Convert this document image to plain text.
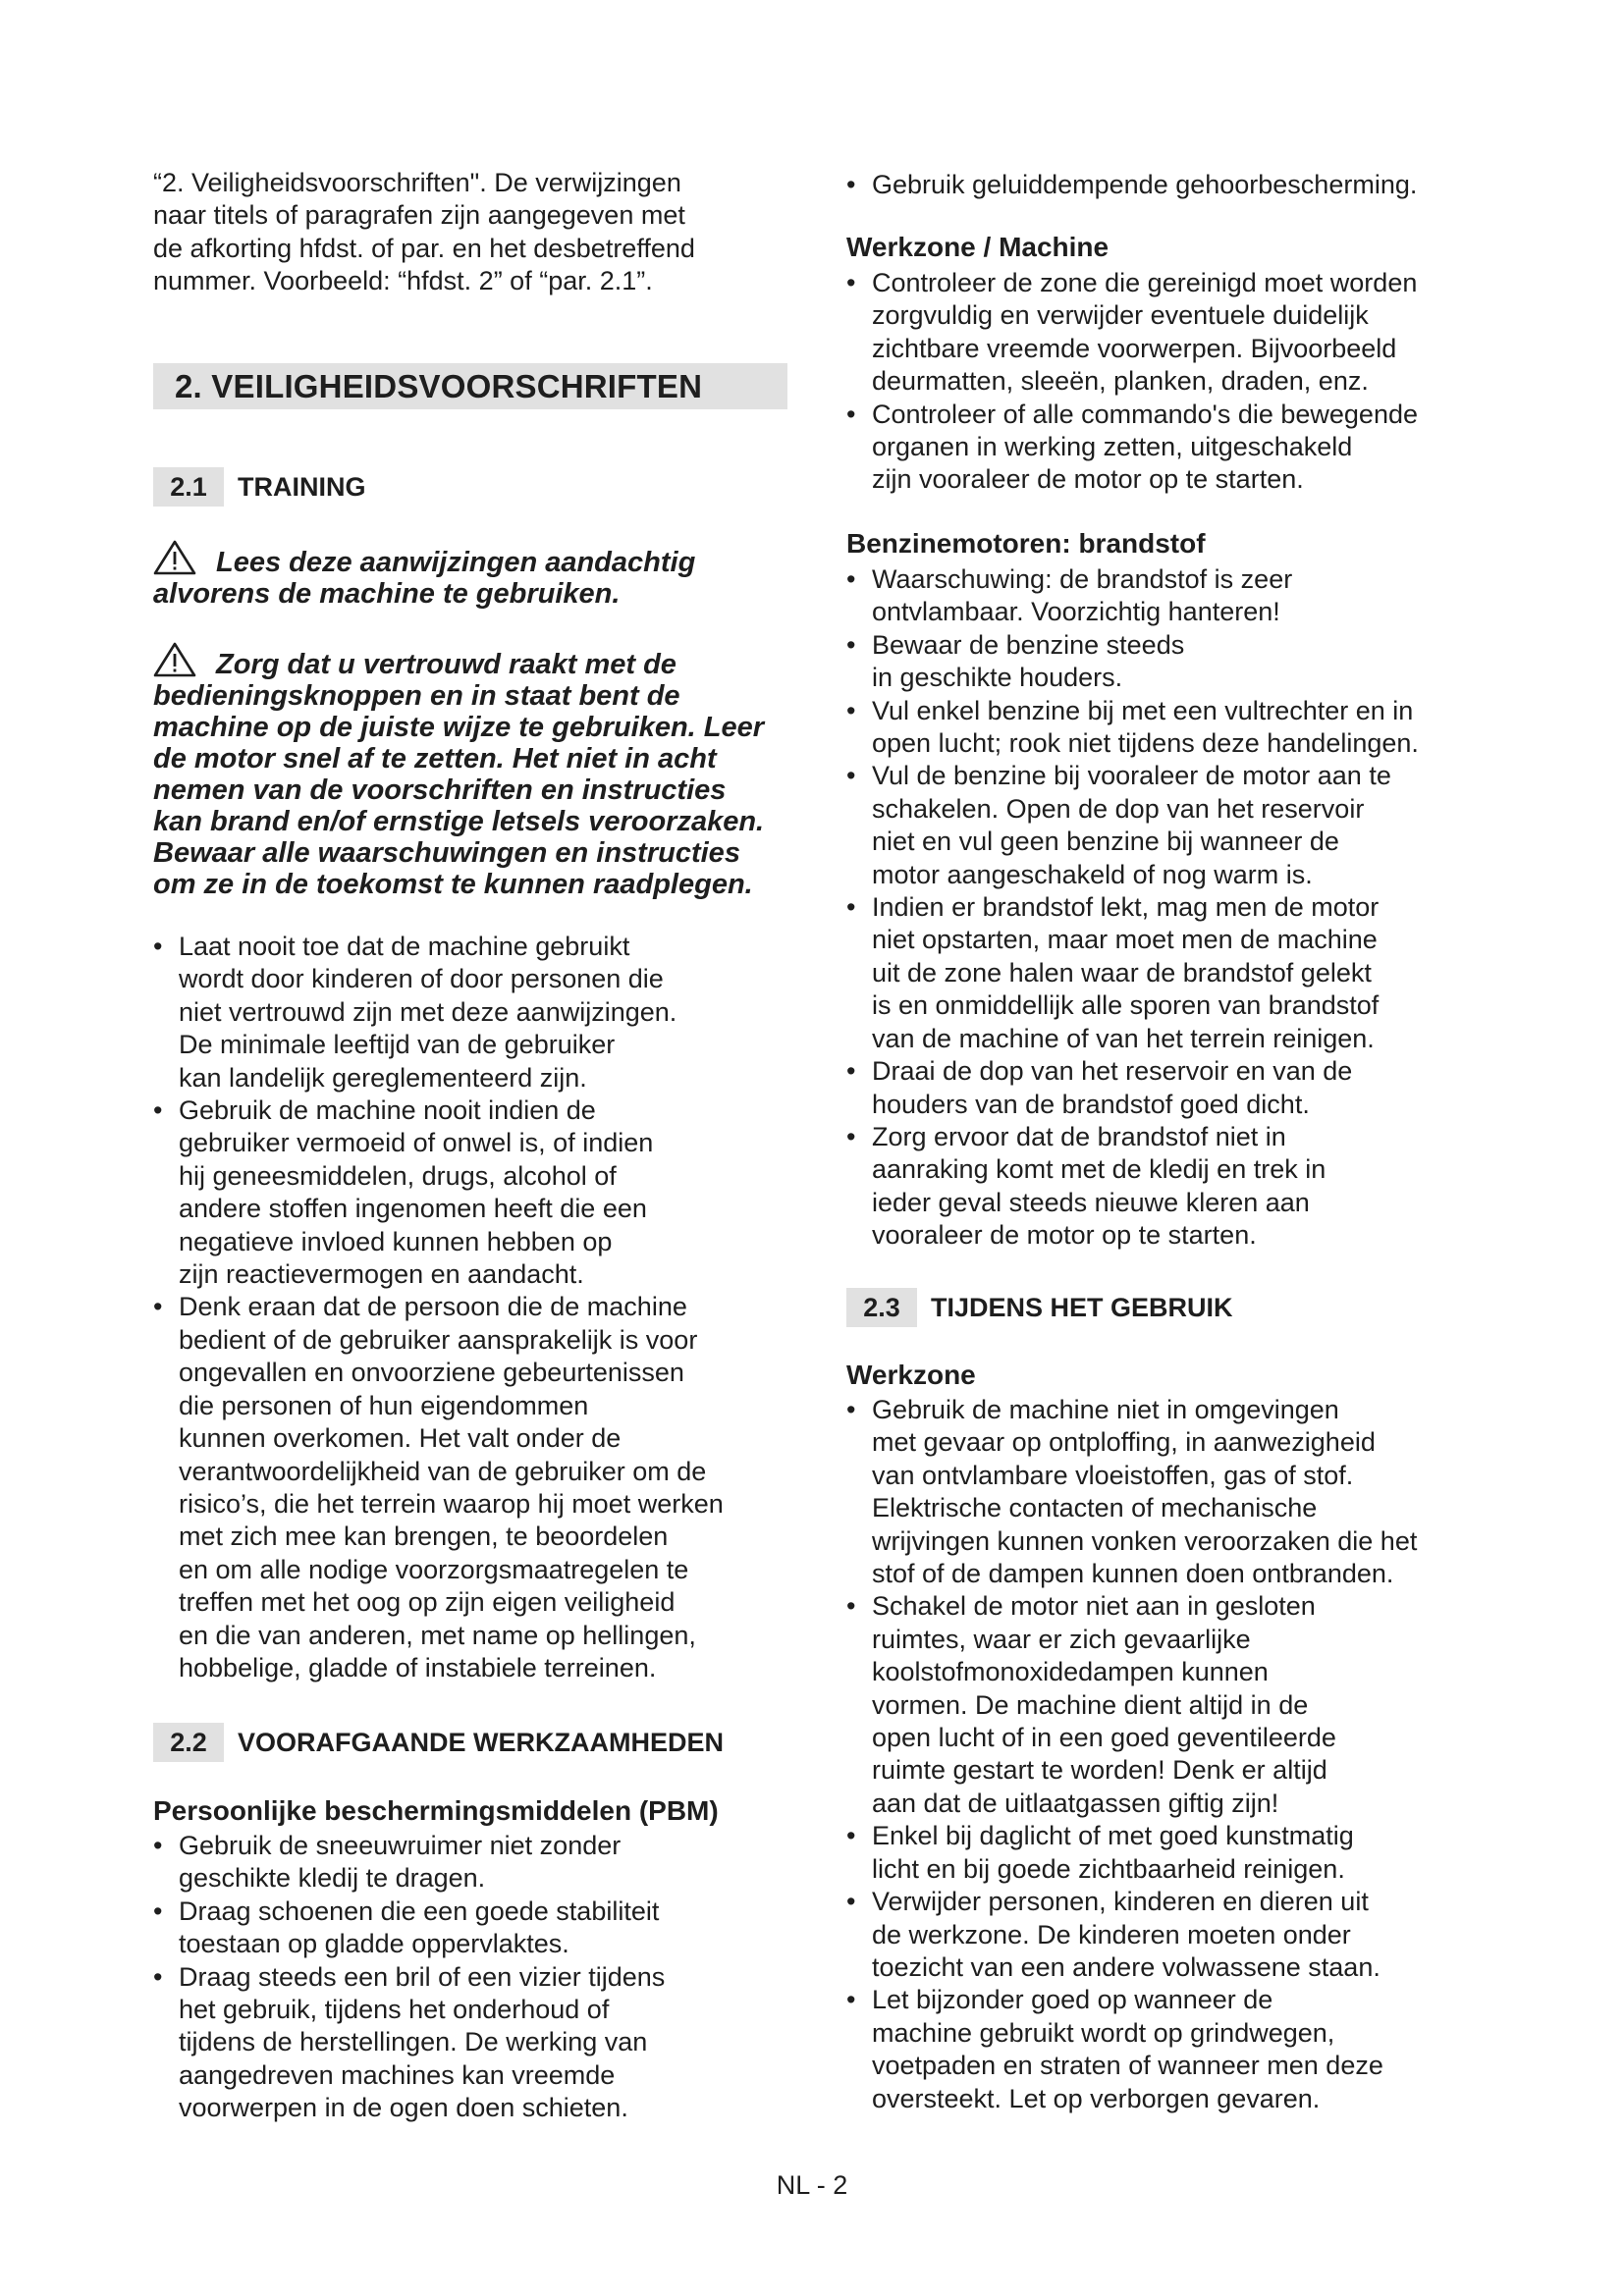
“2. Veiligheidsvoorschriften". De verwijzingen

naar titels of paragrafen zijn aangegeven met

de afkorting hfdst. of par. en het desbetreffend

nummer. Voorbeeld: “hfdst. 2” of “par. 2.1”.

2. VEILIGHEIDSVOORSCHRIFTEN
2.1	TRAINING

Lees deze aanwijzingen aandachtig

alvorens de machine te gebruiken.

Zorg dat u vertrouwd raakt met de

bedieningsknoppen en in staat bent de

machine op de juiste wijze te gebruiken. Leer

de motor snel af te zetten. Het niet in acht

nemen van de voorschriften en instructies

kan brand en/of ernstige letsels veroorzaken.

Bewaar alle waarschuwingen en instructies

om ze in de toekomst te kunnen raadplegen.

• Laat nooit toe dat de machine gebruikt
wordt door kinderen of door personen die
niet vertrouwd zijn met deze aanwijzingen.
De minimale leeftijd van de gebruiker
kan landelijk gereglementeerd zijn.
• Gebruik de machine nooit indien de
gebruiker vermoeid of onwel is, of indien
hij geneesmiddelen, drugs, alcohol of
andere stoffen ingenomen heeft die een
negatieve invloed kunnen hebben op
zijn reactievermogen en aandacht.
• Denk eraan dat de persoon die de machine
bedient of de gebruiker aansprakelijk is voor
ongevallen en onvoorziene gebeurtenissen
die personen of hun eigendommen
kunnen overkomen. Het valt onder de
verantwoordelijkheid van de gebruiker om de
risico’s, die het terrein waarop hij moet werken
met zich mee kan brengen, te beoordelen
en om alle nodige voorzorgsmaatregelen te
treffen met het oog op zijn eigen veiligheid
en die van anderen, met name op hellingen,
hobbelige, gladde of instabiele terreinen.
2.2	VOORAFGAANDE WERKZAAMHEDEN

Persoonlijke beschermingsmiddelen (PBM)

• Gebruik de sneeuwruimer niet zonder
geschikte kledij te dragen.
• Draag schoenen die een goede stabiliteit
toestaan op gladde oppervlaktes.
• Draag steeds een bril of een vizier tijdens
het gebruik, tijdens het onderhoud of
tijdens de herstellingen. De werking van
aangedreven machines kan vreemde
voorwerpen in de ogen doen schieten.
• Gebruik geluiddempende gehoorbescherming.

Werkzone / Machine

• Controleer de zone die gereinigd moet worden
zorgvuldig en verwijder eventuele duidelijk
zichtbare vreemde voorwerpen. Bijvoorbeeld
deurmatten, sleeën, planken, draden, enz.
• Controleer of alle commando's die bewegende
organen in werking zetten, uitgeschakeld
zijn vooraleer de motor op te starten.

Benzinemotoren: brandstof

• Waarschuwing: de brandstof is zeer
ontvlambaar. Voorzichtig hanteren!
• Bewaar de benzine steeds
in geschikte houders.
• Vul enkel benzine bij met een vultrechter en in
open lucht; rook niet tijdens deze handelingen.
• Vul de benzine bij vooraleer de motor aan te
schakelen. Open de dop van het reservoir
niet en vul geen benzine bij wanneer de
motor aangeschakeld of nog warm is.
• Indien er brandstof lekt, mag men de motor
niet opstarten, maar moet men de machine
uit de zone halen waar de brandstof gelekt
is en onmiddellijk alle sporen van brandstof
van de machine of van het terrein reinigen.
• Draai de dop van het reservoir en van de
houders van de brandstof goed dicht.
• Zorg ervoor dat de brandstof niet in
aanraking komt met de kledij en trek in
ieder geval steeds nieuwe kleren aan
vooraleer de motor op te starten.
2.3	TIJDENS HET GEBRUIK

Werkzone

• Gebruik de machine niet in omgevingen
met gevaar op ontploffing, in aanwezigheid
van ontvlambare vloeistoffen, gas of stof.
Elektrische contacten of mechanische
wrijvingen kunnen vonken veroorzaken die het
stof of de dampen kunnen doen ontbranden.
• Schakel de motor niet aan in gesloten
ruimtes, waar er zich gevaarlijke
koolstofmonoxidedampen kunnen
vormen. De machine dient altijd in de
open lucht of in een goed geventileerde
ruimte gestart te worden! Denk er altijd
aan dat de uitlaatgassen giftig zijn!
• Enkel bij daglicht of met goed kunstmatig
licht en bij goede zichtbaarheid reinigen.
• Verwijder personen, kinderen en dieren uit
de werkzone. De kinderen moeten onder
toezicht van een andere volwassene staan.
• Let bijzonder goed op wanneer de
machine gebruikt wordt op grindwegen,
voetpaden en straten of wanneer men deze
oversteekt. Let op verborgen gevaren.
NL - 2
